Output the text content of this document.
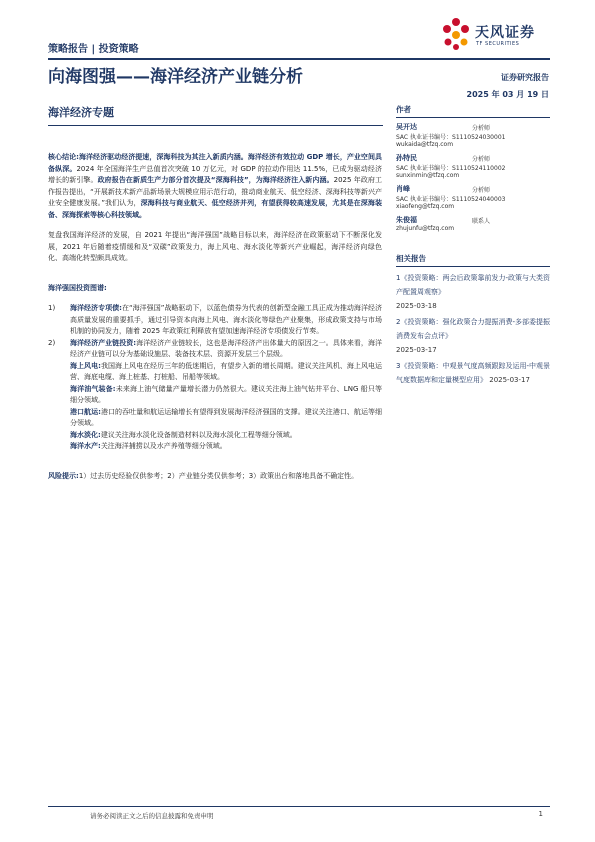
天风证券
TF SECURITIES
策略报告 | 投资策略
向海图强——海洋经济产业链分析	证券研究报告
2025 年 03 月 19 日
海洋经济专题

核心结论:海洋经济驱动经济提速，深海科技为其注入新质内涵。海洋经济有效拉动 GDP 增长，产业空间具备纵深。2024 年全国海洋生产总值首次突破 10 万亿元，对 GDP 的拉动作用达 11.5%，已成为驱动经济增长的新引擎。政府报告在新质生产力部分首次提及“深海科技”，为海洋经济注入新内涵。2025 年政府工作报告提出，“开展新技术新产品新场景大规模应用示范行动，推动商业航天、低空经济、深海科技等新兴产业安全健康发展。”我们认为，深海科技与商业航天、低空经济并列，有望获得较高速发展，尤其是在深海装备、深海探索等核心科技领域。

复盘我国海洋经济的发展，自 2021 年提出“海洋强国”战略目标以来，海洋经济在政策驱动下不断深化发展，2021 年后随着疫情缓和及“双碳”政策发力，海上风电、海水淡化等新兴产业崛起，海洋经济向绿色化、高端化转型颇具成效。

海洋强国投资图谱:

1) 海洋经济专项债:在“海洋强国”战略驱动下，以蓝色债券为代表的创新型金融工具正成为推动海洋经济高质量发展的重要抓手，通过引导资本向海上风电、海水淡化等绿色产业聚集，形成政策支持与市场机制的协同发力，随着 2025 年政策红利释放有望加速海洋经济专项债发行节奏。
2) 海洋经济产业链投资:海洋经济产业链较长，这也是海洋经济产出体量大的原因之一。具体来看，海洋经济产业链可以分为基础设施层、装备技术层、资源开发层三个层级。

海上风电:我国海上风电在经历三年的低迷期后，有望步入新的增长周期。建议关注风机、海上风电运营、海底电缆、海上桩基、打桩船、吊船等领域。

海洋油气装备:未来海上油气储量产量增长潜力仍然很大。建议关注海上油气钻井平台、LNG 船只等细分领域。

港口航运:港口的吞吐量和航运运输增长有望得到发展海洋经济强国的支撑。建议关注港口、航运等细分领域。

海水淡化:建议关注海水淡化设备制造材料以及海水淡化工程等细分领域。

海洋水产:关注海洋捕捞以及水产养殖等细分领域。

风险提示:1）过去历史经验仅供参考；2）产业链分类仅供参考；3）政策出台和落地具备不确定性。

作者
吴开达	分析师
SAC 执业证书编号：S1110524030001
wukaida@tfzq.com
孙特民	分析师
SAC 执业证书编号：S1110524110002
sunxinmin@tfzq.com
肖峰	分析师
SAC 执业证书编号：S1110524040003
xiaofeng@tfzq.com
朱俊福	联系人
zhujunfu@tfzq.com
相关报告
1《投资策略：两会后政策靠前发力-政策与大类资产配置周观察》
2025-03-18
2《投资策略：强化政策合力提振消费-多部委提振消费发布会点评》
2025-03-17
3《投资策略：中观景气度高频跟踪及运用-中观景气度数据库和定量模型应用》 2025-03-17
请务必阅读正文之后的信息披露和免责申明	1
